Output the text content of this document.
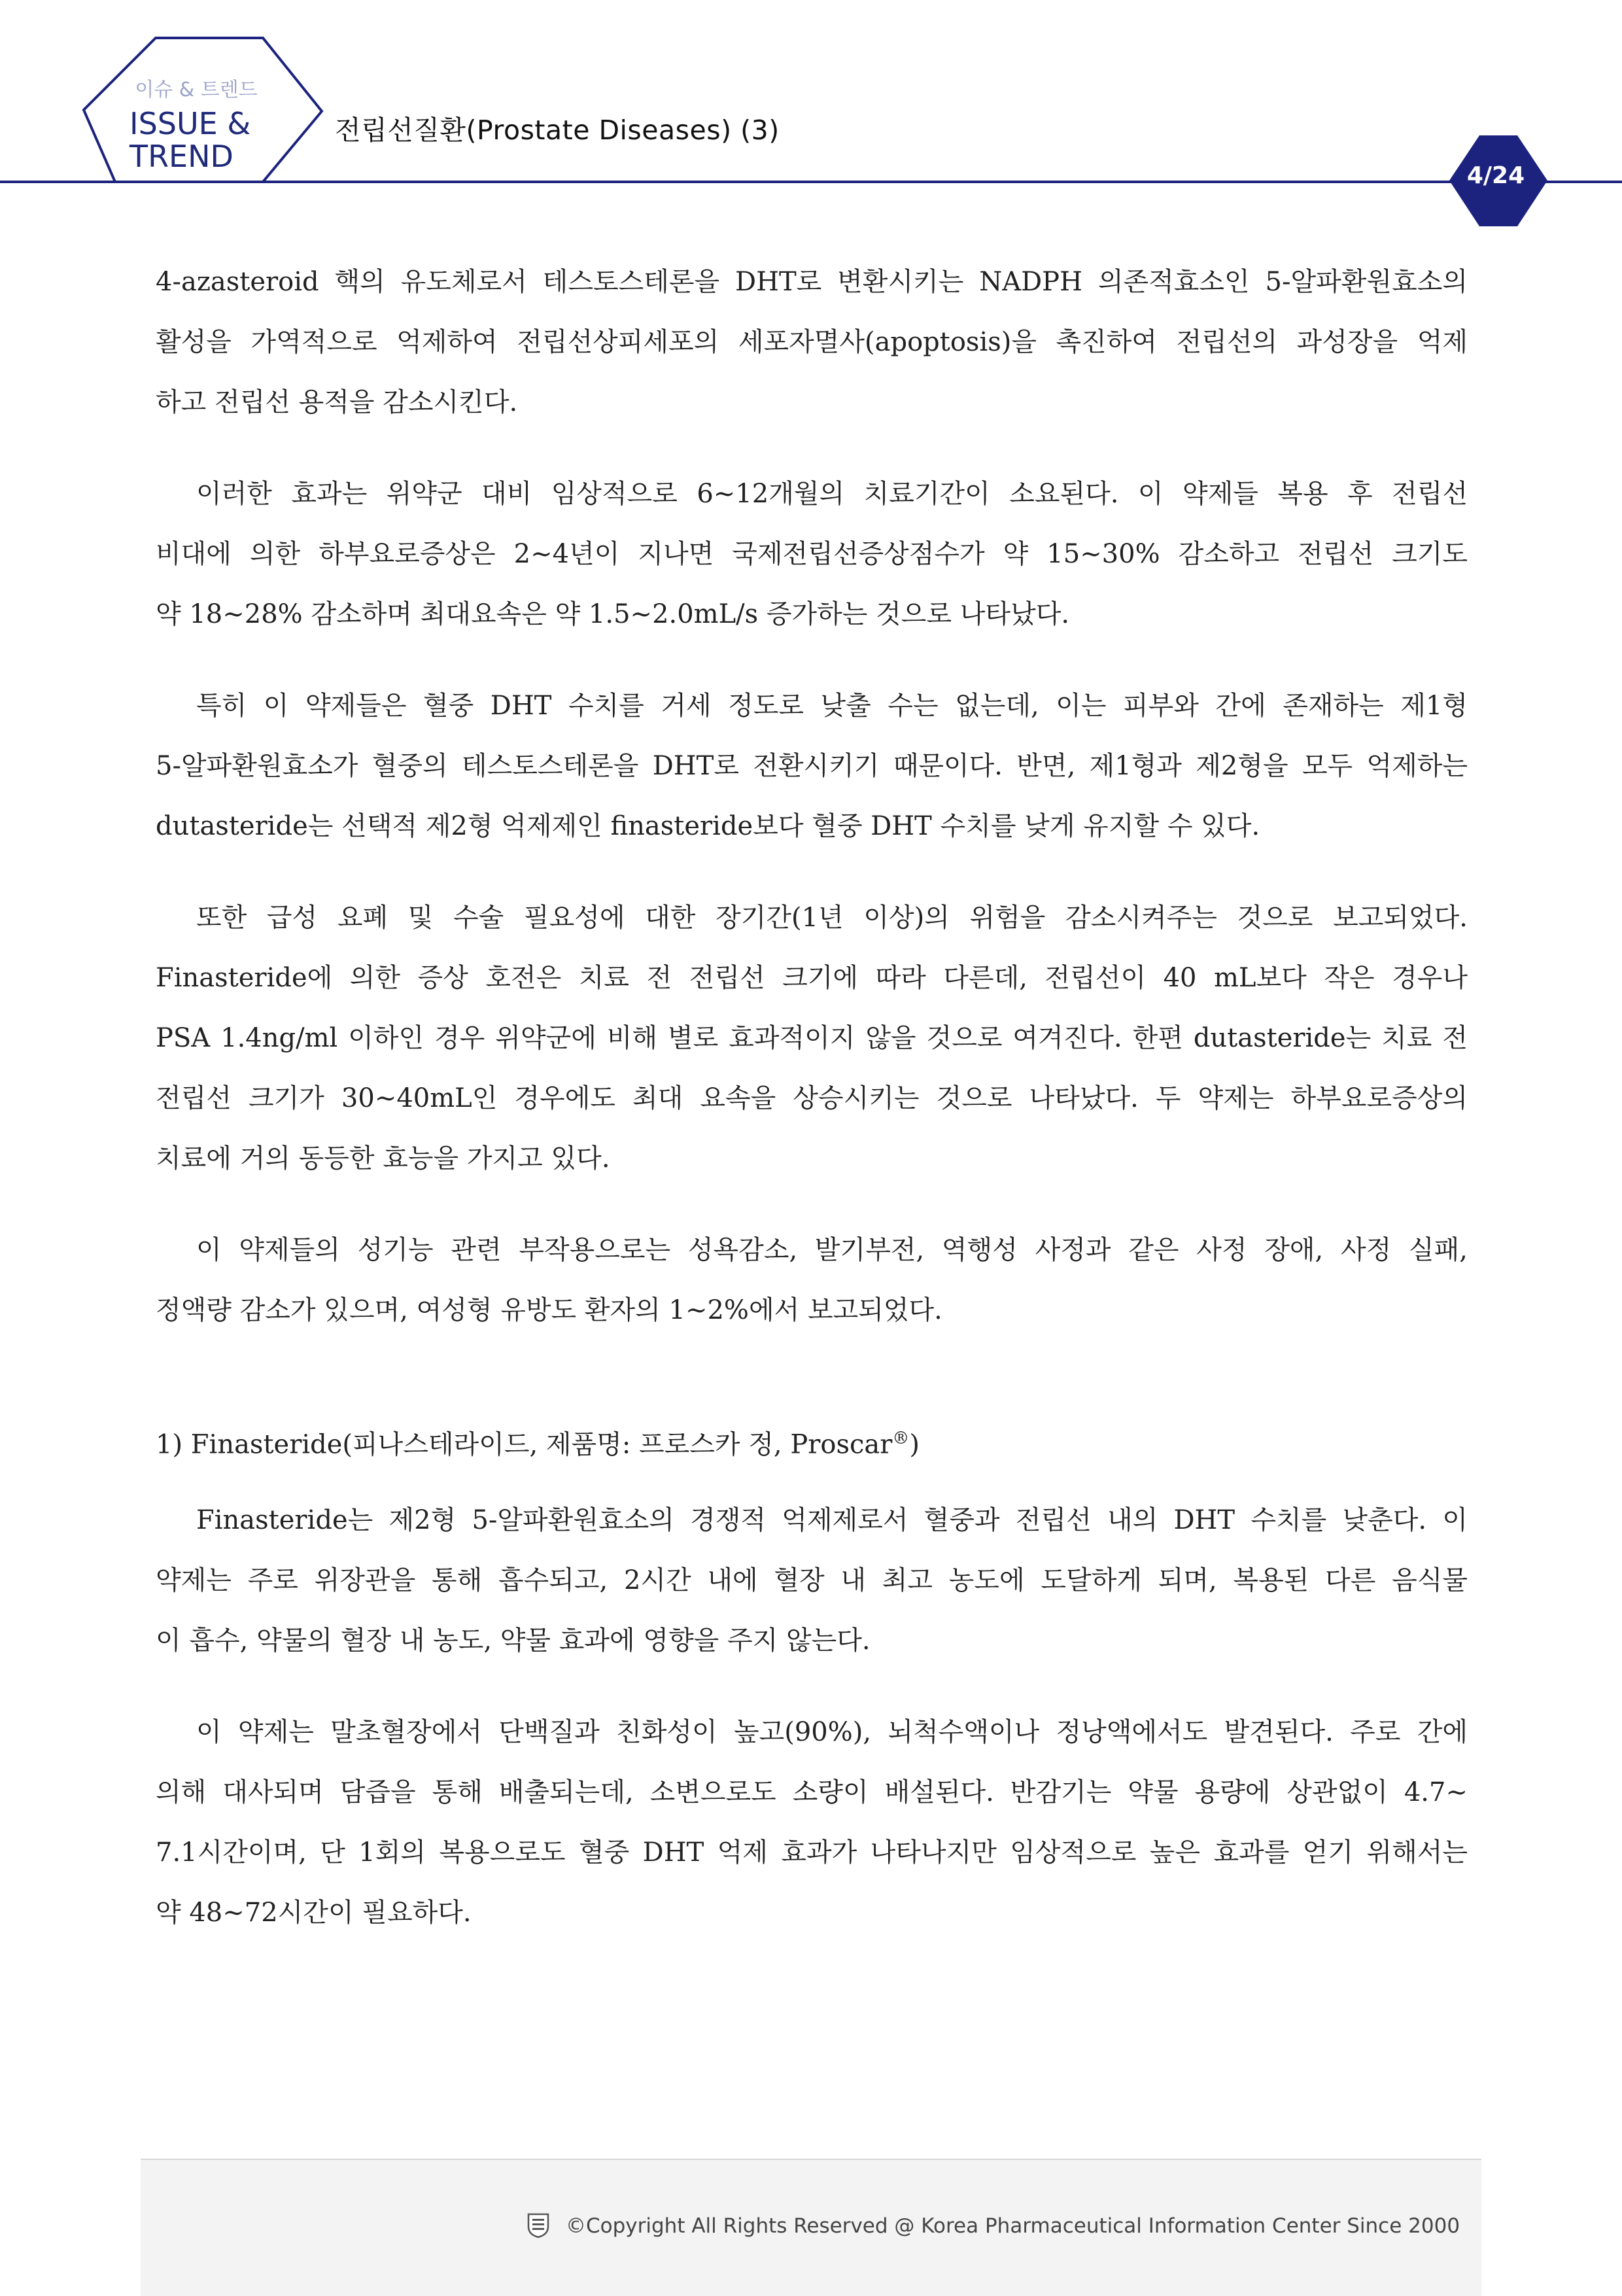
이슈 & 트렌드
ISSUE &
TREND
전립선질환(Prostate Diseases) (3)
4/24
4-azasteroid 핵의 유도체로서 테스토스테론을 DHT로 변환시키는 NADPH 의존적효소인 5-알파환원효소의
활성을 가역적으로 억제하여 전립선상피세포의 세포자멸사(apoptosis)을 촉진하여 전립선의 과성장을 억제
하고 전립선 용적을 감소시킨다.
이러한 효과는 위약군 대비 임상적으로 6∼12개월의 치료기간이 소요된다. 이 약제들 복용 후 전립선
비대에 의한 하부요로증상은 2∼4년이 지나면 국제전립선증상점수가 약 15∼30% 감소하고 전립선 크기도
약 18∼28% 감소하며 최대요속은 약 1.5∼2.0mL/s 증가하는 것으로 나타났다.
특히 이 약제들은 혈중 DHT 수치를 거세 정도로 낮출 수는 없는데, 이는 피부와 간에 존재하는 제1형
5-알파환원효소가 혈중의 테스토스테론을 DHT로 전환시키기 때문이다. 반면, 제1형과 제2형을 모두 억제하는
dutasteride는 선택적 제2형 억제제인 finasteride보다 혈중 DHT 수치를 낮게 유지할 수 있다.
또한 급성 요폐 및 수술 필요성에 대한 장기간(1년 이상)의 위험을 감소시켜주는 것으로 보고되었다.
Finasteride에 의한 증상 호전은 치료 전 전립선 크기에 따라 다른데, 전립선이 40 mL보다 작은 경우나
PSA 1.4ng/ml 이하인 경우 위약군에 비해 별로 효과적이지 않을 것으로 여겨진다. 한편 dutasteride는 치료 전
전립선 크기가 30∼40mL인 경우에도 최대 요속을 상승시키는 것으로 나타났다. 두 약제는 하부요로증상의
치료에 거의 동등한 효능을 가지고 있다.
이 약제들의 성기능 관련 부작용으로는 성욕감소, 발기부전, 역행성 사정과 같은 사정 장애, 사정 실패,
정액량 감소가 있으며, 여성형 유방도 환자의 1∼2%에서 보고되었다.
1) Finasteride(피나스테라이드, 제품명: 프로스카 정, Proscar®)
Finasteride는 제2형 5-알파환원효소의 경쟁적 억제제로서 혈중과 전립선 내의 DHT 수치를 낮춘다. 이
약제는 주로 위장관을 통해 흡수되고, 2시간 내에 혈장 내 최고 농도에 도달하게 되며, 복용된 다른 음식물
이 흡수, 약물의 혈장 내 농도, 약물 효과에 영향을 주지 않는다.
이 약제는 말초혈장에서 단백질과 친화성이 높고(90%), 뇌척수액이나 정낭액에서도 발견된다. 주로 간에
의해 대사되며 담즙을 통해 배출되는데, 소변으로도 소량이 배설된다. 반감기는 약물 용량에 상관없이 4.7∼
7.1시간이며, 단 1회의 복용으로도 혈중 DHT 억제 효과가 나타나지만 임상적으로 높은 효과를 얻기 위해서는
약 48∼72시간이 필요하다.
©Copyright All Rights Reserved @ Korea Pharmaceutical Information Center Since 2000
